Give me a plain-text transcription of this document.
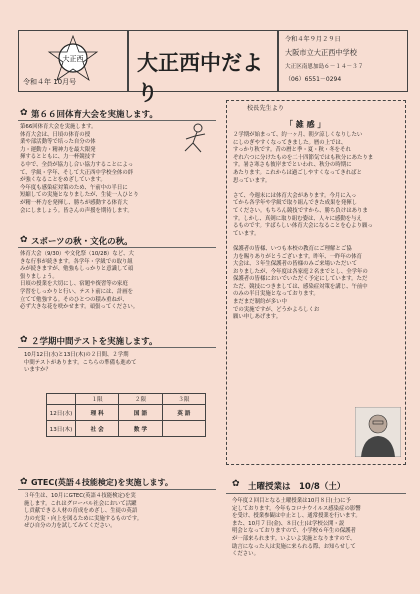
大正西
令和４年 10月号
大正西中だより
令和４年９月２９日
大阪市立大正西中学校
大正区南恩加島６－１４－３７
（06）6551－0294
✿ 第６６回体育大会を実施します。
第66回体育大会を実施します。
体育大会は、日頃の体育の授
業や部活動等で培った自分の体
力・運動力・精神力を最大限発
揮するとともに、力一杯競技す
る中で、全員が協力し合い協力することによっ
て、学級・学年、そして大正西中学校全体の絆
が強くなることをめざしています。
今年度も感染症対策のため、午前中の半日に
短縮しての実施となりましたが、生徒一人ひとり
が精一杯力を発揮し、勝ちが感動する体育大
会にしましょう。皆さんの声援を期待します。
✿ スポーツの秋・文化の秋。
体育大会（9/30）や文化祭（10/28）など、大
きな行事が続きます。各学年・学級での取り組
みが続きますが、勉強もしっかりと意識して頑
張りましょう。
日頃の授業を大切にし、宿題や復習等の家庭
学習をしっかりと行い、テスト前には、計画を
立てて勉強する。そのひとつの積み重ねが、
必ず大きな花を咲かせます。頑張ってください。
✿ ２学期中間テストを実施します。
10月12日(水)と13日(木)の２日間、２学期
中間テストがあります。こちらの準備も進めて
いますか？
	１限	２限	３限
12日(水)	理 科	国 語	英 語
13日(木)	社 会	数 学	
✿ GTEC(英語４技能検定)を実施します。
３年生は、10月にGTEC(英語４技能検定)を実
施します。これはグローバル社会において活躍
し貢献できる人材の育成をめざし、生徒の英語
力の充実・向上を図るために実施するものです。
ぜひ自分の力を試してみてください。
校長先生より
「 雑 感 」
２学期が始まって、約一ヶ月、朝夕涼しくなりしたい
にしのぎやすくなってきました。暦の上では、
すっかり秋です。昔の暦と季・夏・秋・冬をそれ
ぞれ六つに分けたものを二十四節気ではも秋分にあたりま
す。暑さ寒さも彼岸までといわれ、秋分の時期に
あたります。これからは過ごしやすくなってきればと
思っています。

さて、今週末には体育大会があります。今月に入っ
てから各学年や学級で取り組んできた成果を発揮し
てください。もちろん競技ですから、勝ち負けはありま
す。しかし、真剣に取り組む姿は、人々に感動を与え
るものです。すばらしい体育大会になることを心より願っ
ています。

保護者の皆様、いつも本校の教育にご理解とご協
力を賜りありがとうございます。昨年、一昨年の体育
大会は、３年生保護者の皆様のみご来場いただいて
おりましたが、今年度は各家庭２名までとし、全学年の
保護者の皆様においでいただく予定にしています。ただ
ただ、競技につきましては、感染症対策を講じ、午前中
のみの半日実施となっております。
まだまだ制約が多い中
での実施ですが、どうかよろしくお
願い申しあげます。
✿ 土曜授業は　10/8（土）
今年度２回目となる土曜授業は10月８日(土)に予
定しております。今年もコロナウイルス感染症の影響
を受け、授業参観は中止とし、通常授業を行います。
また、10月７日(金)、８日(土)は学校公開・説
明会となっておりますので、小学校６年生の保護者
が一部来られます。いよいよ実施となりますので、
助言になった人は実施に来られる際、お知らせして
ください。
